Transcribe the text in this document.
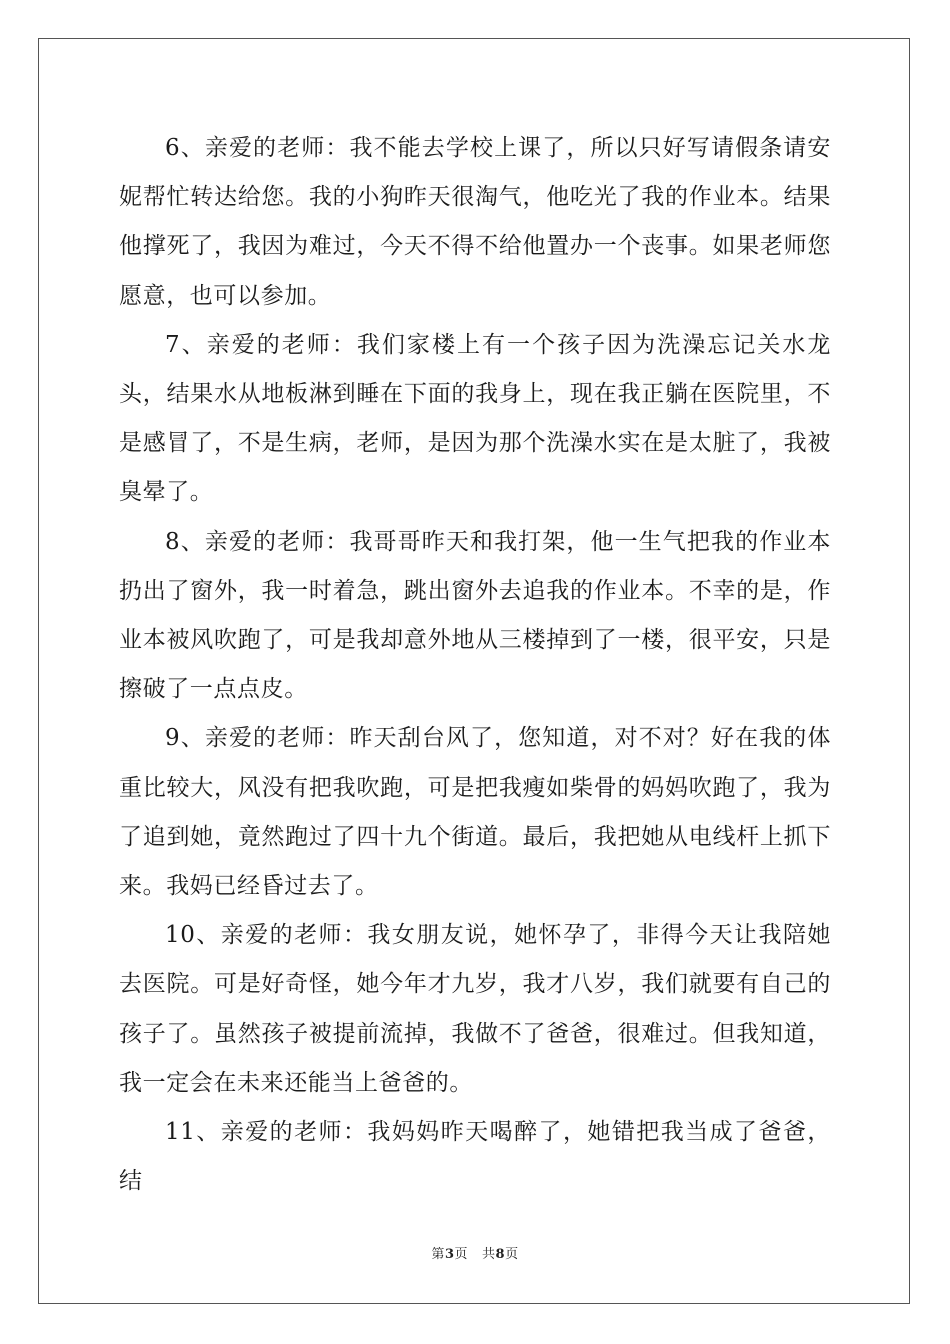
6、亲爱的老师：我不能去学校上课了，所以只好写请假条请安妮帮忙转达给您。我的小狗昨天很淘气，他吃光了我的作业本。结果他撑死了，我因为难过，今天不得不给他置办一个丧事。如果老师您愿意，也可以参加。

7、亲爱的老师：我们家楼上有一个孩子因为洗澡忘记关水龙头，结果水从地板淋到睡在下面的我身上，现在我正躺在医院里，不是感冒了，不是生病，老师，是因为那个洗澡水实在是太脏了，我被臭晕了。

8、亲爱的老师：我哥哥昨天和我打架，他一生气把我的作业本扔出了窗外，我一时着急，跳出窗外去追我的作业本。不幸的是，作业本被风吹跑了，可是我却意外地从三楼掉到了一楼，很平安，只是擦破了一点点皮。

9、亲爱的老师：昨天刮台风了，您知道，对不对？好在我的体重比较大，风没有把我吹跑，可是把我瘦如柴骨的妈妈吹跑了，我为了追到她，竟然跑过了四十九个街道。最后，我把她从电线杆上抓下来。我妈已经昏过去了。

10、亲爱的老师：我女朋友说，她怀孕了，非得今天让我陪她去医院。可是好奇怪，她今年才九岁，我才八岁，我们就要有自己的孩子了。虽然孩子被提前流掉，我做不了爸爸，很难过。但我知道，我一定会在未来还能当上爸爸的。

11、亲爱的老师：我妈妈昨天喝醉了，她错把我当成了爸爸，结

第3页 共8页
